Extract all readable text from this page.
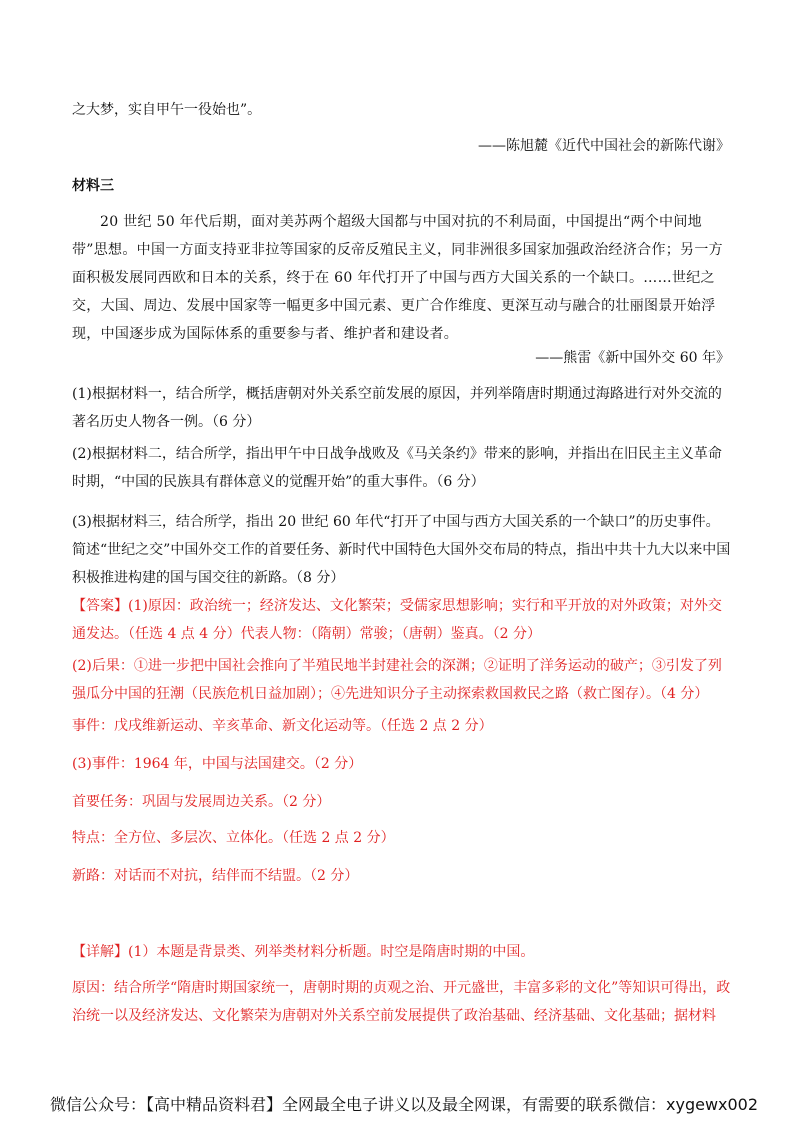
之大梦，实自甲午一役始也”。

——陈旭麓《近代中国社会的新陈代谢》

材料三

20 世纪 50 年代后期，面对美苏两个超级大国都与中国对抗的不利局面，中国提出“两个中间地带”思想。中国一方面支持亚非拉等国家的反帝反殖民主义，同非洲很多国家加强政治经济合作；另一方面积极发展同西欧和日本的关系，终于在 60 年代打开了中国与西方大国关系的一个缺口。……世纪之交，大国、周边、发展中国家等一幅更多中国元素、更广合作维度、更深互动与融合的壮丽图景开始浮现，中国逐步成为国际体系的重要参与者、维护者和建设者。

——熊雷《新中国外交 60 年》

(1)根据材料一，结合所学，概括唐朝对外关系空前发展的原因，并列举隋唐时期通过海路进行对外交流的著名历史人物各一例。（6 分）

(2)根据材料二，结合所学，指出甲午中日战争战败及《马关条约》带来的影响，并指出在旧民主主义革命时期，“中国的民族具有群体意义的觉醒开始”的重大事件。（6 分）

(3)根据材料三，结合所学，指出 20 世纪 60 年代“打开了中国与西方大国关系的一个缺口”的历史事件。简述“世纪之交”中国外交工作的首要任务、新时代中国特色大国外交布局的特点，指出中共十九大以来中国积极推进构建的国与国交往的新路。（8 分）

【答案】(1)原因：政治统一；经济发达、文化繁荣；受儒家思想影响；实行和平开放的对外政策；对外交通发达。（任选 4 点 4 分）代表人物：（隋朝）常骏；（唐朝）鉴真。（2 分）

(2)后果：①进一步把中国社会推向了半殖民地半封建社会的深渊；②证明了洋务运动的破产；③引发了列强瓜分中国的狂潮（民族危机日益加剧）；④先进知识分子主动探索救国救民之路（救亡图存）。（4 分）

事件：戊戌维新运动、辛亥革命、新文化运动等。（任选 2 点 2 分）

(3)事件：1964 年，中国与法国建交。（2 分）

首要任务：巩固与发展周边关系。（2 分）

特点：全方位、多层次、立体化。（任选 2 点 2 分）

新路：对话而不对抗，结伴而不结盟。（2 分）

【详解】(1）本题是背景类、列举类材料分析题。时空是隋唐时期的中国。

原因：结合所学“隋唐时期国家统一，唐朝时期的贞观之治、开元盛世，丰富多彩的文化”等知识可得出，政治统一以及经济发达、文化繁荣为唐朝对外关系空前发展提供了政治基础、经济基础、文化基础；据材料

微信公众号：【高中精品资料君】全网最全电子讲义以及最全网课，有需要的联系微信：xygewx002
